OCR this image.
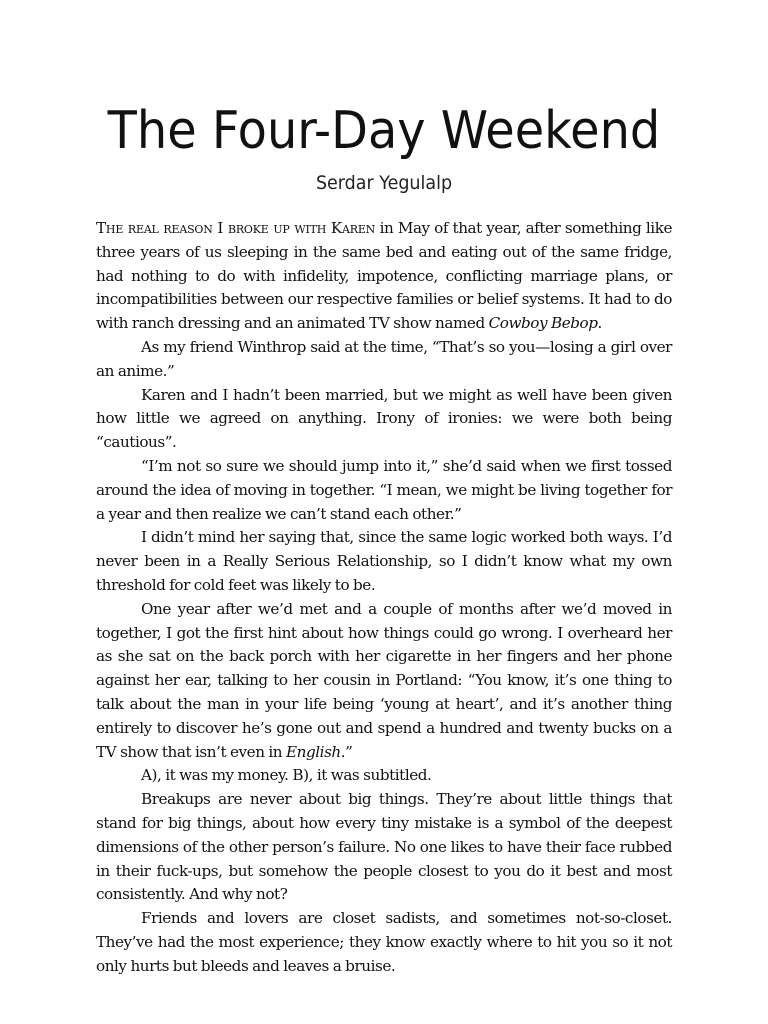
The Four-Day Weekend
Serdar Yegulalp

The real reason I broke up with Karen in May of that year, after something like three years of us sleeping in the same bed and eating out of the same fridge, had nothing to do with infidelity, impotence, conflicting marriage plans, or incompatibilities between our respective families or belief systems. It had to do with ranch dressing and an animated TV show named Cowboy Bebop.

As my friend Winthrop said at the time, “That’s so you—losing a girl over an anime.”

Karen and I hadn’t been married, but we might as well have been given how little we agreed on anything. Irony of ironies: we were both being “cautious”.

“I’m not so sure we should jump into it,” she’d said when we first tossed around the idea of moving in together. “I mean, we might be living together for a year and then realize we can’t stand each other.”

I didn’t mind her saying that, since the same logic worked both ways. I’d never been in a Really Serious Relationship, so I didn’t know what my own threshold for cold feet was likely to be.

One year after we’d met and a couple of months after we’d moved in together, I got the first hint about how things could go wrong. I overheard her as she sat on the back porch with her cigarette in her fingers and her phone against her ear, talking to her cousin in Portland: “You know, it’s one thing to talk about the man in your life being ‘young at heart’, and it’s another thing entirely to discover he’s gone out and spend a hundred and twenty bucks on a TV show that isn’t even in English.”

A), it was my money. B), it was subtitled.

Breakups are never about big things. They’re about little things that stand for big things, about how every tiny mistake is a symbol of the deepest dimensions of the other person’s failure. No one likes to have their face rubbed in their fuck-ups, but somehow the people closest to you do it best and most consistently. And why not?

Friends and lovers are closet sadists, and sometimes not-so-closet. They’ve had the most experience; they know exactly where to hit you so it not only hurts but bleeds and leaves a bruise.
